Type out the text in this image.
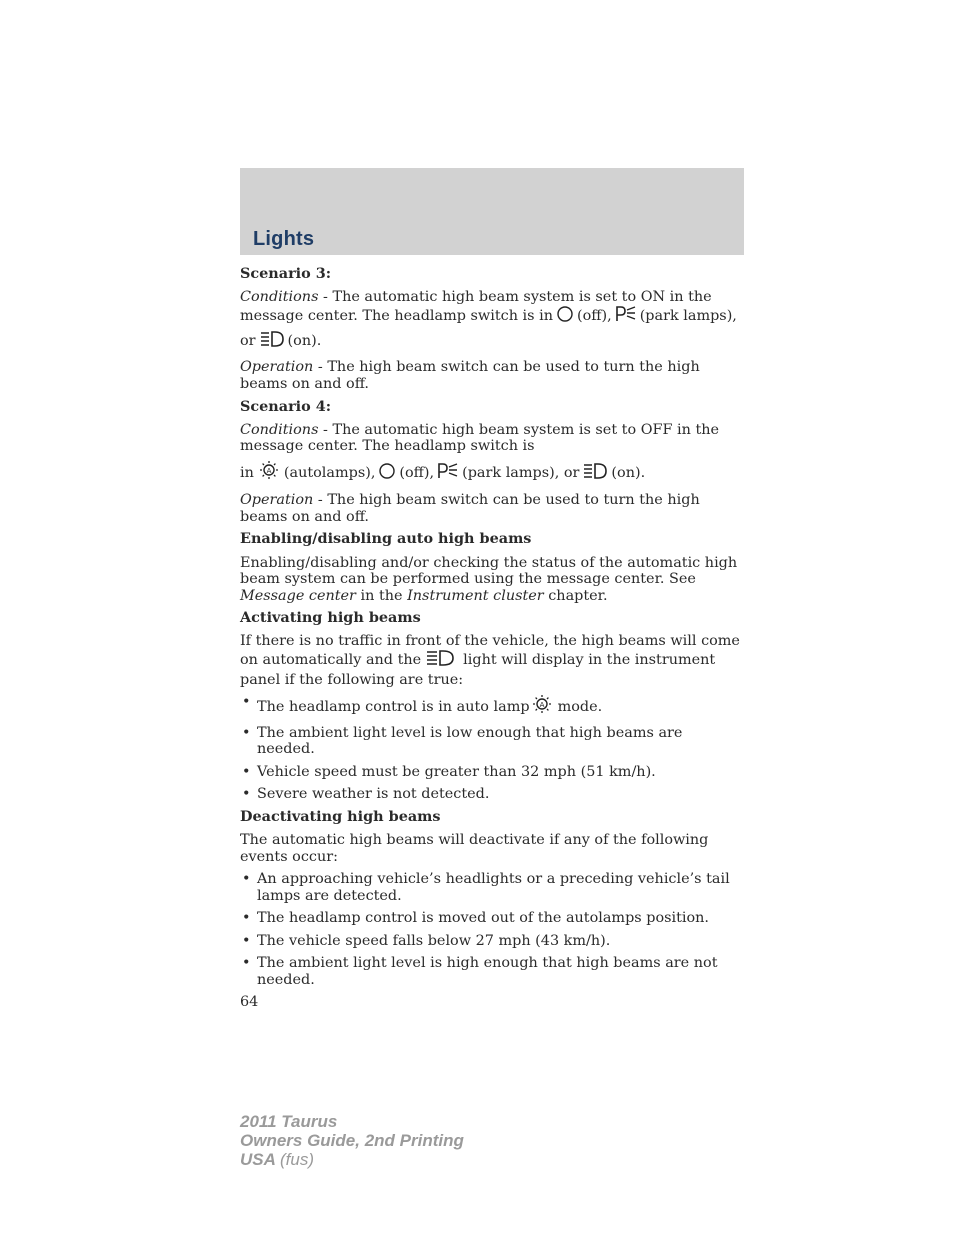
Lights

Scenario 3:

Conditions - The automatic high beam system is set to ON in the message center. The headlamp switch is in (off), (park lamps),

or (on).

Operation - The high beam switch can be used to turn the high beams on and off.

Scenario 4:

Conditions - The automatic high beam system is set to OFF in the message center. The headlamp switch is

in A (autolamps), (off), (park lamps), or (on).

Operation - The high beam switch can be used to turn the high beams on and off.

Enabling/disabling auto high beams

Enabling/disabling and/or checking the status of the automatic high beam system can be performed using the message center. See Message center in the Instrument cluster chapter.

Activating high beams

If there is no traffic in front of the vehicle, the high beams will come on automatically and the	light will display in the instrument panel if the following are true:

• The headlamp control is in auto lamp A mode.
• The ambient light level is low enough that high beams are needed.
• Vehicle speed must be greater than 32 mph (51 km/h).
• Severe weather is not detected.

Deactivating high beams

The automatic high beams will deactivate if any of the following events occur:

• An approaching vehicle’s headlights or a preceding vehicle’s tail lamps are detected.
• The headlamp control is moved out of the autolamps position.
• The vehicle speed falls below 27 mph (43 km/h).
• The ambient light level is high enough that high beams are not needed.
64
2011 Taurus
Owners Guide, 2nd Printing
USA (fus)
